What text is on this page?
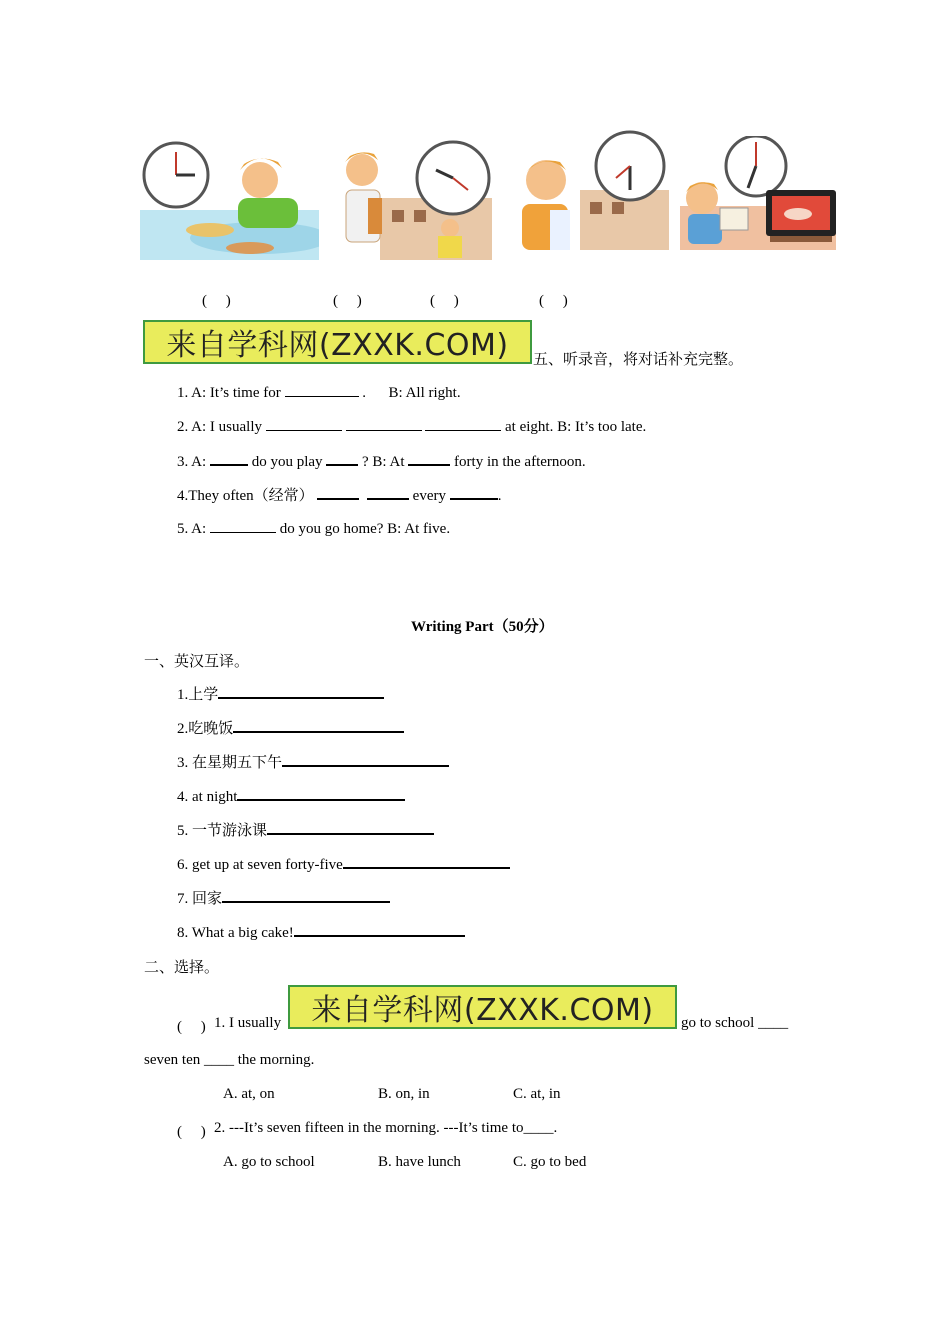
(　 )	(　 )	(　 )	(　 )
来自学科网(ZXXK.COM)	五、听录音，将对话补充完整。
1. A: It’s time for	. B: All right.
2. A: I usually	at eight. B: It’s too late.
3. A:	do you play  ? B: At	forty in the afternoon.
4.They often（经常）	every	.
5. A:	do you go home? B: At five.
Writing Part（50分）
一、英汉互译。
1.上学
2.吃晚饭
3. 在星期五下午
4. at night
5. 一节游泳课
6. get up at seven forty-five
7. 回家
8. What a big cake!
二、选择。
(　 ) 1. I usually	来自学科网(ZXXK.COM)	go to school ____
seven ten ____ the morning.
A. at, on	B. on, in	C. at, in
(　 ) 2. ---It’s seven fifteen in the morning. ---It’s time to____.
A. go to school	B. have lunch	C. go to bed
